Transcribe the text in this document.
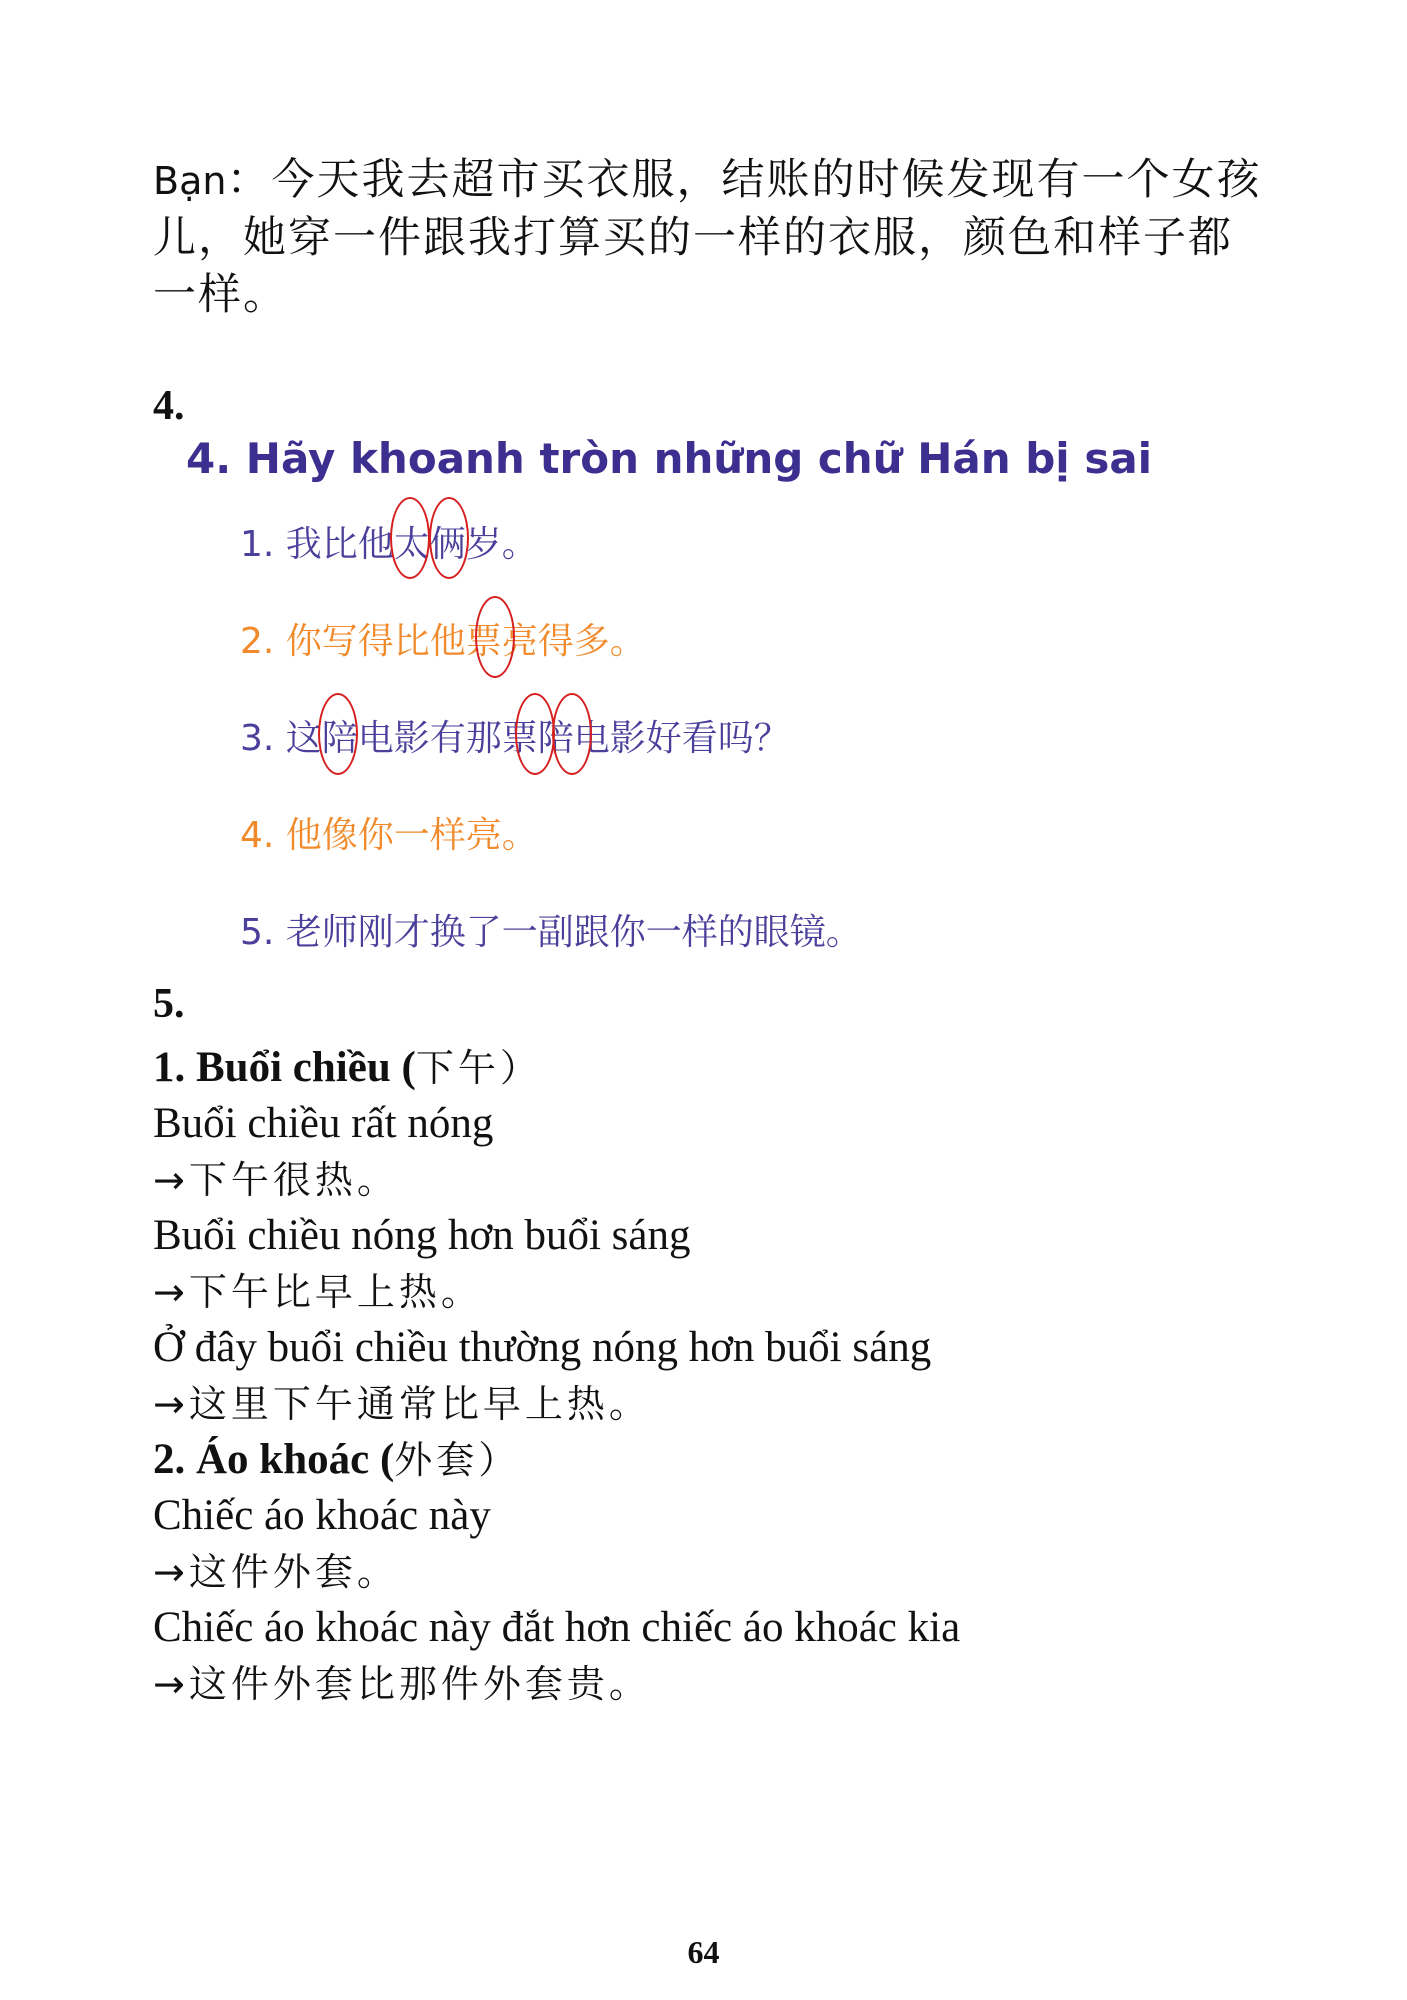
Bạn：今天我去超市买衣服，结账的时候发现有一个女孩儿，她穿一件跟我打算买的一样的衣服，颜色和样子都一样。
4.
4. Hãy khoanh tròn những chữ Hán bị sai
1. 我比他太俩岁。
2. 你写得比他票亮得多。
3. 这陪电影有那票陪电影好看吗？
4. 他像你一样亮。
5. 老师刚才换了一副跟你一样的眼镜。
5.
1. Buổi chiều (下午）
Buổi chiều rất nóng
→下午很热。
Buổi chiều nóng hơn buổi sáng
→下午比早上热。
Ở đây buổi chiều thường nóng hơn buổi sáng
→这里下午通常比早上热。
2. Áo khoác (外套）
Chiếc áo khoác này
→这件外套。
Chiếc áo khoác này đắt hơn chiếc áo khoác kia
→这件外套比那件外套贵。
64
